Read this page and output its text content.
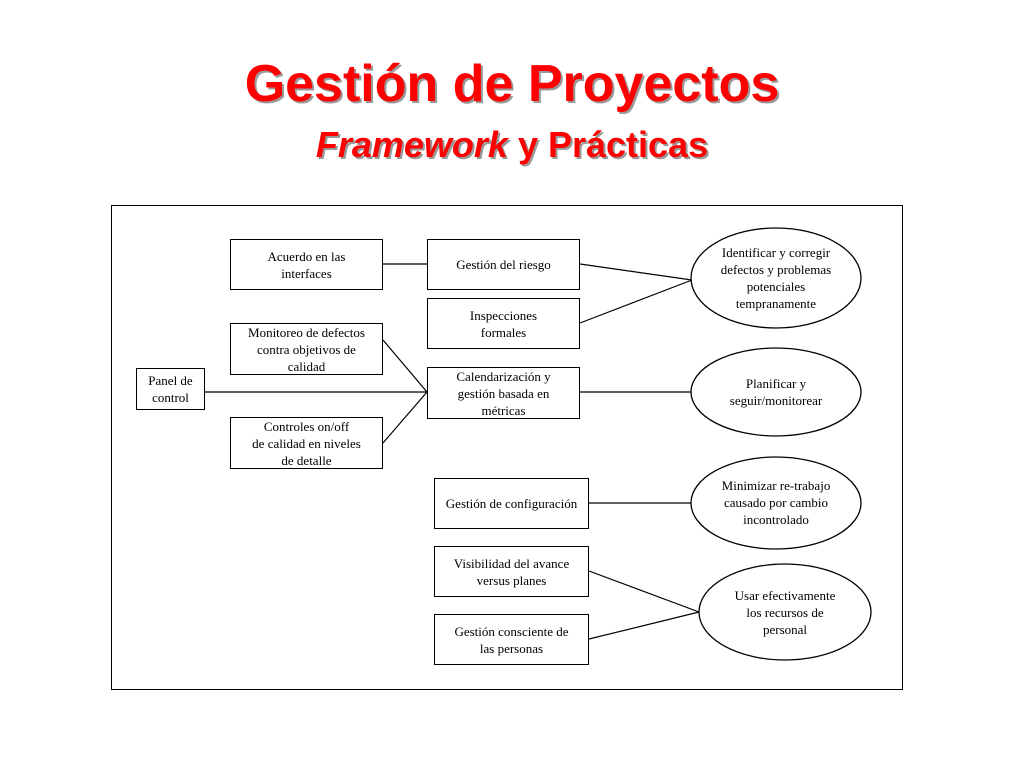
Gestión de Proyectos
Framework y Prácticas
Panel de
control
Acuerdo en las
interfaces
Monitoreo de defectos
contra objetivos de
calidad
Controles on/off
de calidad en niveles
de detalle
Gestión del riesgo
Inspecciones
formales
Calendarización y
gestión basada en
métricas
Gestión de configuración
Visibilidad del avance
versus planes
Gestión consciente de
las personas
Identificar y corregir
defectos y problemas
potenciales
tempranamente
Planificar y
seguir/monitorear
Minimizar re-trabajo
causado por cambio
incontrolado
Usar efectivamente
los recursos de
personal
